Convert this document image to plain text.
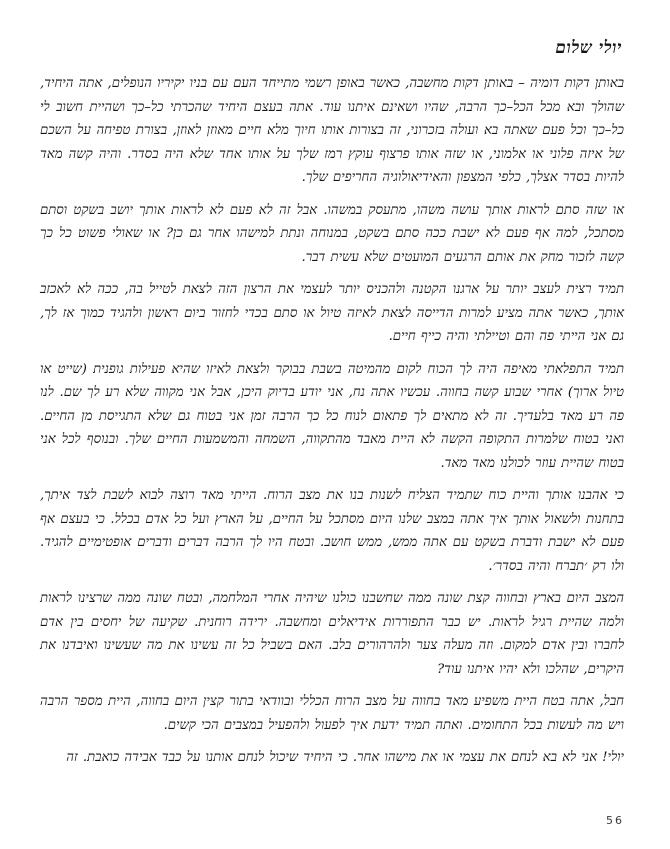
יולי שלום

באותן דקות דומיה – באותן דקות מחשבה, כאשר באופן רשמי מתייחד העם עם בניו יקיריו הנופלים, אתה היחיד, שהולך ובא מכל הכל–כך הרבה, שהיו ושאינם איתנו עוד. אתה בעצם היחיד שהכרתי כל–כך ושהיית חשוב לי כל–כך וכל פעם שאתה בא ועולה בזכרוני, זה בצורות אותו חיוך מלא חיים מאוזן לאוזן, בצורת טפיחה על השכם של איזה פלוני או אלמוני, או שזה אותו פרצוף עוקץ רמז שלך על אותו אחד שלא היה בסדר. והיה קשה מאד להיות בסדר אצלך, כלפי המצפון והאידיאולוגיה החריפים שלך.

או שזה סתם לראות אותך עושה משהו, מתעסק במשהו. אבל זה לא פעם לא לראות אותך יושב בשקט וסתם מסתכל, למה אף פעם לא ישבת ככה סתם בשקט, במנוחה ונתת למישהו אחר גם כן? או שאולי פשוט כל כך קשה לזכור מחק את אותם הרגעים המועטים שלא עשית דבר.

תמיד רצית לעצב יותר על ארגנו הקטנה ולהכניס יותר לעצמי את הרצון הזה לצאת לטייל בה, ככה לא לאכזב אותך, כאשר אתה מציע למרות הדייסה לצאת לאיזה טיול או סתם בכדי לחזור ביום ראשון ולהגיד כמוך אז לך, גם אני הייתי פה והם וטיילתי והיה כייף חיים.

תמיד התפלאתי מאיפה היה לך הכוח לקום מהמיטה בשבת בבוקר ולצאת לאיזו שהיא פעילות גופנית (שייט או טיול ארוך) אחרי שבוע קשה בחווה. עכשיו אתה נח, אני יודע בדיוק היכן, אבל אני מקווה שלא רע לך שם. לנו פה רע מאד בלעדיך. זה לא מתאים לך פתאום לנוח כל כך הרבה זמן אני בטוח גם שלא התגייסת מן החיים. ואני בטוח שלמרות התקופה הקשה לא היית מאבד מהתקווה, השמחה והמשמעות החיים שלך. ובנוסף לכל אני בטוח שהיית עוזר לכולנו מאד מאד.

כי אהבנו אותך והיית כוח שתמיד הצליח לשנות בנו את מצב הרוח. הייתי מאד רוצה לבוא לשבת לצד איתך, בתחנות ולשאול אותך איך אתה במצב שלנו היום מסתכל על החיים, על הארץ ועל כל אדם בכלל. כי בעצם אף פעם לא ישבת ודברת בשקט עם אתה ממש, ממש חושב. ובטח היו לך הרבה דברים ודברים אופטימיים להגיד. ולו רק ׳תברח והיה בסדר׳.

המצב היום בארץ ובחווה קצת שונה ממה שחשבנו כולנו שיהיה אחרי המלחמה, ובטח שונה ממה שרצינו לראות ולמה שהיית רגיל לראות. יש כבר התפוררות אידיאלים ומחשבה. ירידה רוחנית. שקיעה של יחסים בין אדם לחברו ובין אדם למקום. וזה מעלה צער ולהרהורים בלב. האם בשביל כל זה עשינו את מה שעשינו ואיבדנו את היקרים, שהלכו ולא יהיו איתנו עוד?

חבל, אתה בטח היית משפיע מאד בחווה על מצב הרוח הכללי ובוודאי בתור קצין היום בחווה, היית מספר הרבה ויש מה לעשות בכל התחומים. ואתה תמיד ידעת איך לפעול ולהפעיל במצבים הכי קשים.

יולי! אני לא בא לנחם את עצמי או את מישהו אחר. כי היחיד שיכול לנחם אותנו על כבד אבידה כואבת. זה

56
